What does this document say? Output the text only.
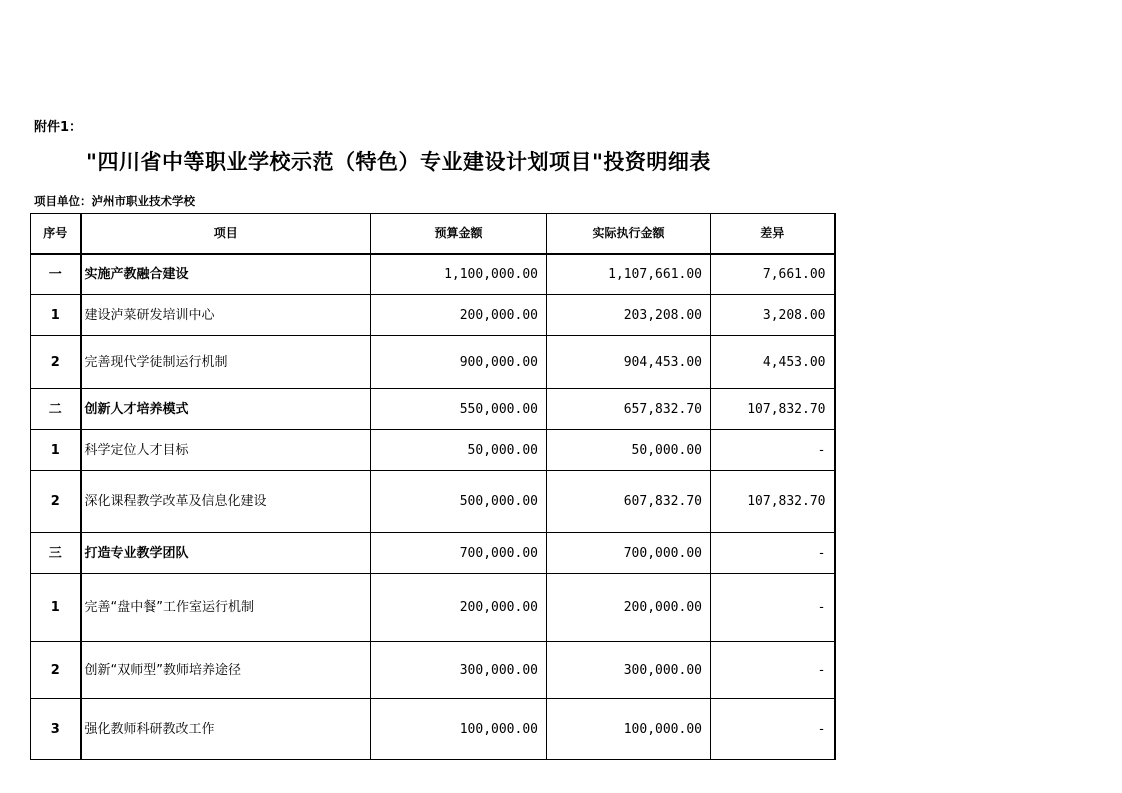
附件1：
"四川省中等职业学校示范（特色）专业建设计划项目"投资明细表
项目单位：泸州市职业技术学校
序号	项目	预算金额	实际执行金额	差异
一	实施产教融合建设	1,100,000.00	1,107,661.00	7,661.00
1	建设泸菜研发培训中心	200,000.00	203,208.00	3,208.00
2	完善现代学徒制运行机制	900,000.00	904,453.00	4,453.00
二	创新人才培养模式	550,000.00	657,832.70	107,832.70
1	科学定位人才目标	50,000.00	50,000.00	-
2	深化课程教学改革及信息化建设	500,000.00	607,832.70	107,832.70
三	打造专业教学团队	700,000.00	700,000.00	-
1	完善“盘中餐”工作室运行机制	200,000.00	200,000.00	-
2	创新“双师型”教师培养途径	300,000.00	300,000.00	-
3	强化教师科研教改工作	100,000.00	100,000.00	-
